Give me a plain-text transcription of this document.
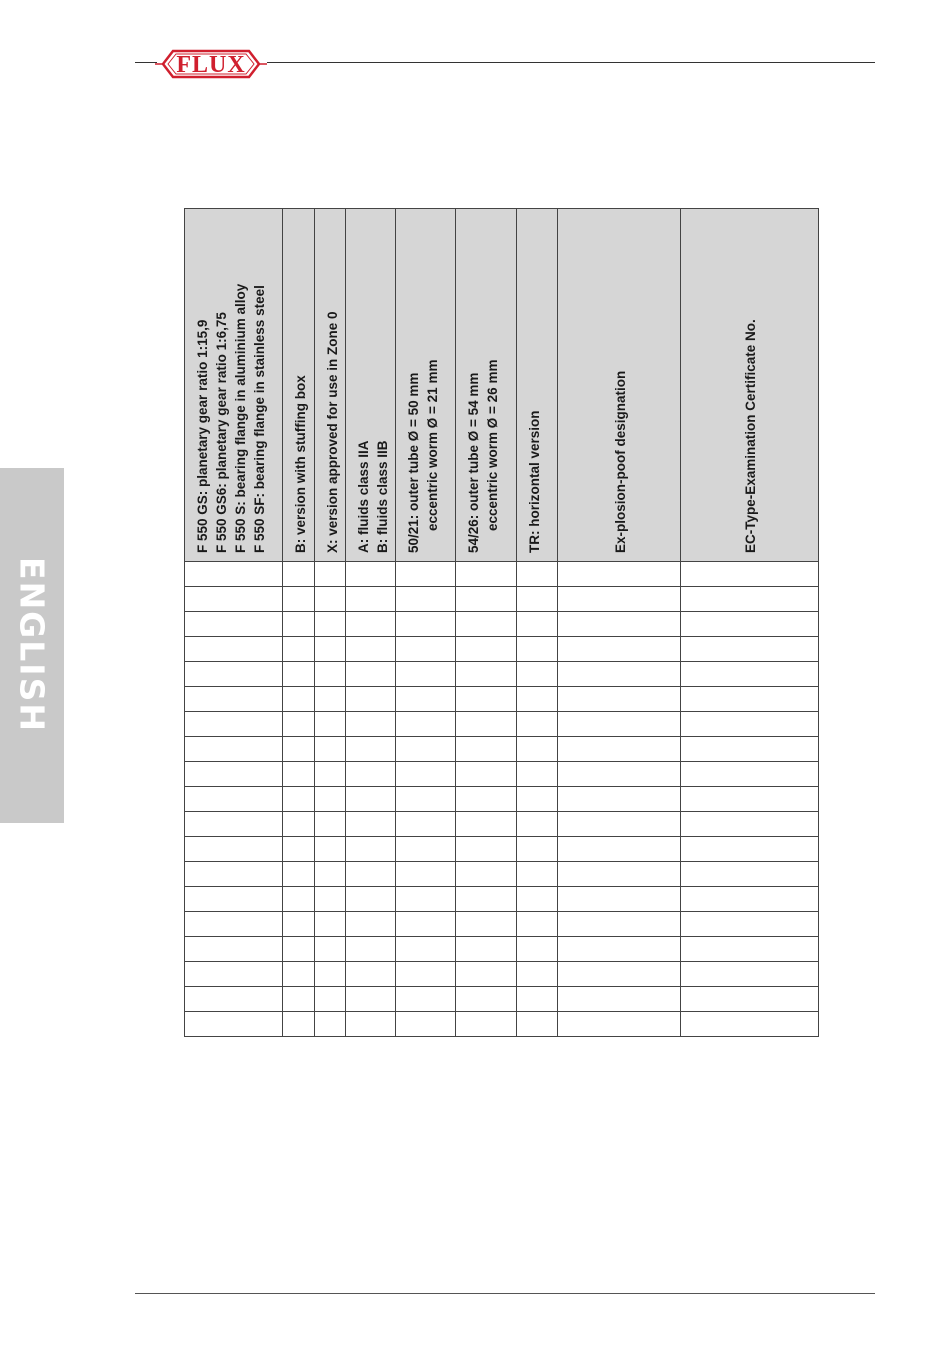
FLUX
ENGLISH
F 550 GS: planetary gear ratio 1:15,9 F 550 GS6: planetary gear ratio 1:6,75 F 550 S: bearing flange in aluminium alloy F 550 SF: bearing flange in stainless steel	B: version with stuffing box	X: version approved for use in Zone 0	A: fluids class IIA B: fluids class IIB	50/21: outer tube Ø = 50 mm eccentric worm Ø = 21 mm	54/26: outer tube Ø = 54 mm eccentric worm Ø = 26 mm	TR: horizontal version	Ex-plosion-poof designation	EC-Type-Examination Certificate No.
